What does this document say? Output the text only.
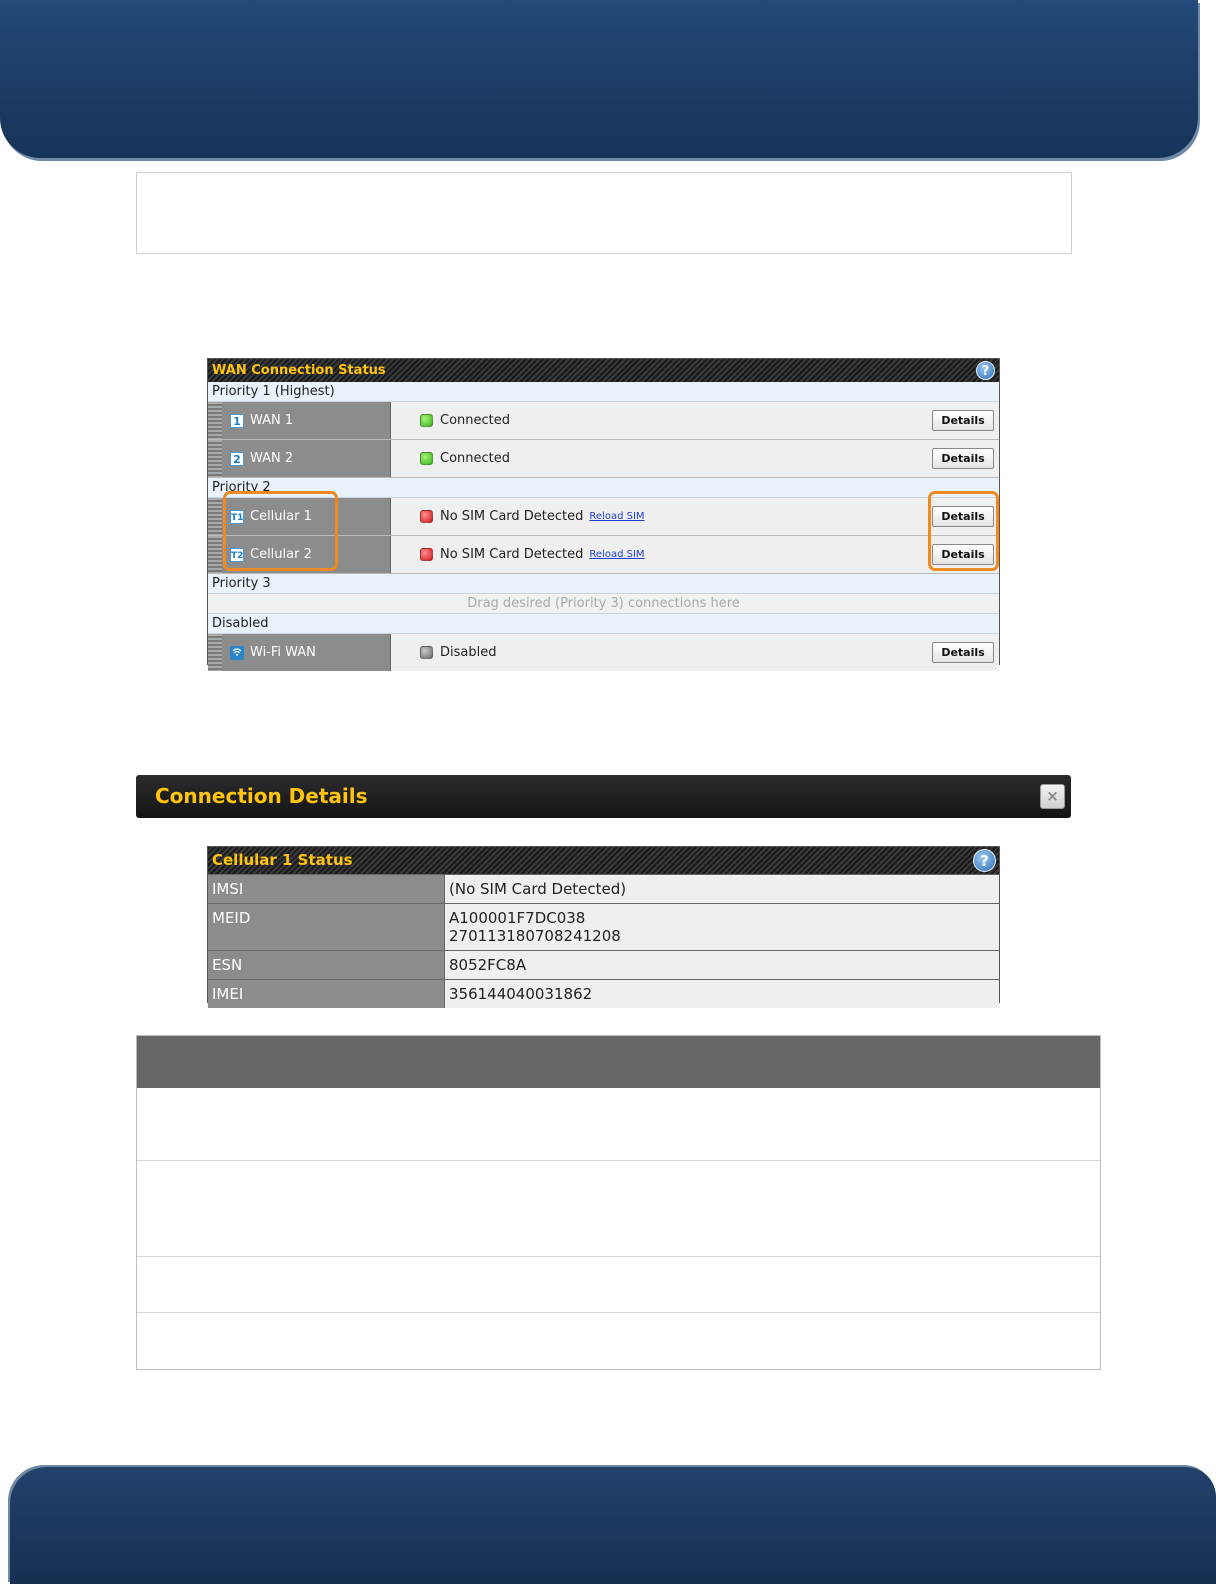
WAN Connection Status	?
Priority 1 (Highest)
1 WAN 1	Connected	Details
2 WAN 2	Connected	Details
Priority 2
T1 Cellular 1	No SIM Card Detected Reload SIM	Details
T2 Cellular 2	No SIM Card Detected Reload SIM	Details
Priority 3
Drag desired (Priority 3) connections here
Disabled
Wi-Fi WAN	Disabled	Details
Connection Details	×
Cellular 1 Status	?
IMSI	(No SIM Card Detected)
MEID	A100001F7DC038
270113180708241208
ESN	8052FC8A
IMEI	356144040031862
